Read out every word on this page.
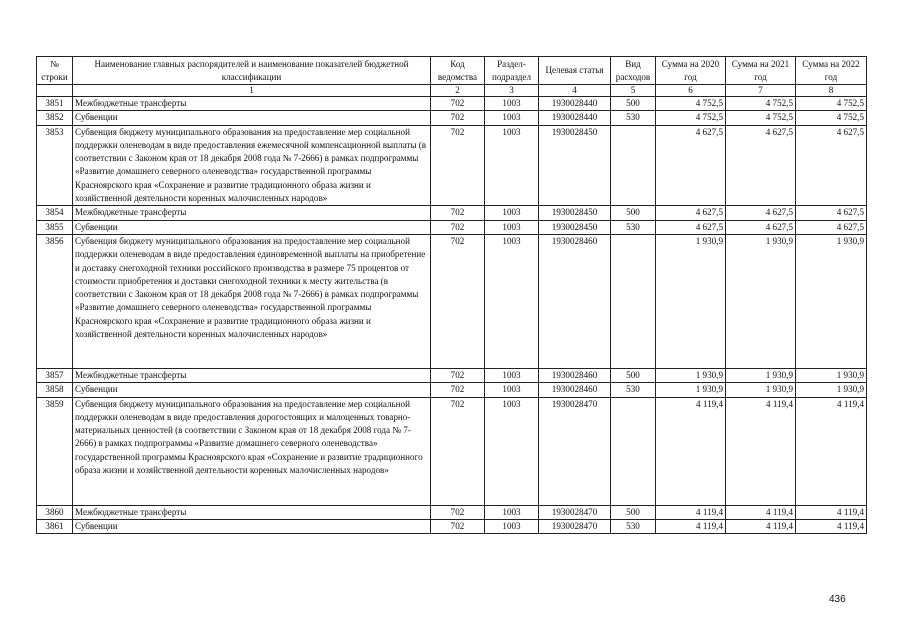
№ строки	Наименование главных распорядителей и наименование показателей бюджетной классификации	Код ведомства	Раздел-подраздел	Целевая статья	Вид расходов	Сумма на 2020 год	Сумма на 2021 год	Сумма на 2022 год
	1	2	3	4	5	6	7	8
3851	Межбюджетные трансферты	702	1003	1930028440	500	4 752,5	4 752,5	4 752,5
3852	Субвенции	702	1003	1930028440	530	4 752,5	4 752,5	4 752,5
3853	Субвенция бюджету муниципального образования на предоставление мер социальной поддержки оленеводам в виде предоставления ежемесячной компенсационной выплаты (в соответствии с Законом края от 18 декабря 2008 года № 7-2666) в рамках подпрограммы «Развитие домашнего северного оленеводства» государственной программы Красноярского края «Сохранение и развитие традиционного образа жизни и хозяйственной деятельности коренных малочисленных народов»	702	1003	1930028450		4 627,5	4 627,5	4 627,5
3854	Межбюджетные трансферты	702	1003	1930028450	500	4 627,5	4 627,5	4 627,5
3855	Субвенции	702	1003	1930028450	530	4 627,5	4 627,5	4 627,5
3856	Субвенция бюджету муниципального образования на предоставление мер социальной поддержки оленеводам в виде предоставления единовременной выплаты на приобретение и доставку снегоходной техники российского производства в размере 75 процентов от стоимости приобретения и доставки снегоходной техники к месту жительства (в соответствии с Законом края от 18 декабря 2008 года № 7-2666) в рамках подпрограммы «Развитие домашнего северного оленеводства» государственной программы Красноярского края «Сохранение и развитие традиционного образа жизни и хозяйственной деятельности коренных малочисленных народов»	702	1003	1930028460		1 930,9	1 930,9	1 930,9
3857	Межбюджетные трансферты	702	1003	1930028460	500	1 930,9	1 930,9	1 930,9
3858	Субвенции	702	1003	1930028460	530	1 930,9	1 930,9	1 930,9
3859	Субвенция бюджету муниципального образования на предоставление мер социальной поддержки оленеводам в виде предоставления дорогостоящих и малоценных товарно-материальных ценностей (в соответствии с Законом края от 18 декабря 2008 года № 7-2666) в рамках подпрограммы «Развитие домашнего северного оленеводства» государственной программы Красноярского края «Сохранение и развитие традиционного образа жизни и хозяйственной деятельности коренных малочисленных народов»	702	1003	1930028470		4 119,4	4 119,4	4 119,4
3860	Межбюджетные трансферты	702	1003	1930028470	500	4 119,4	4 119,4	4 119,4
3861	Субвенции	702	1003	1930028470	530	4 119,4	4 119,4	4 119,4
436
